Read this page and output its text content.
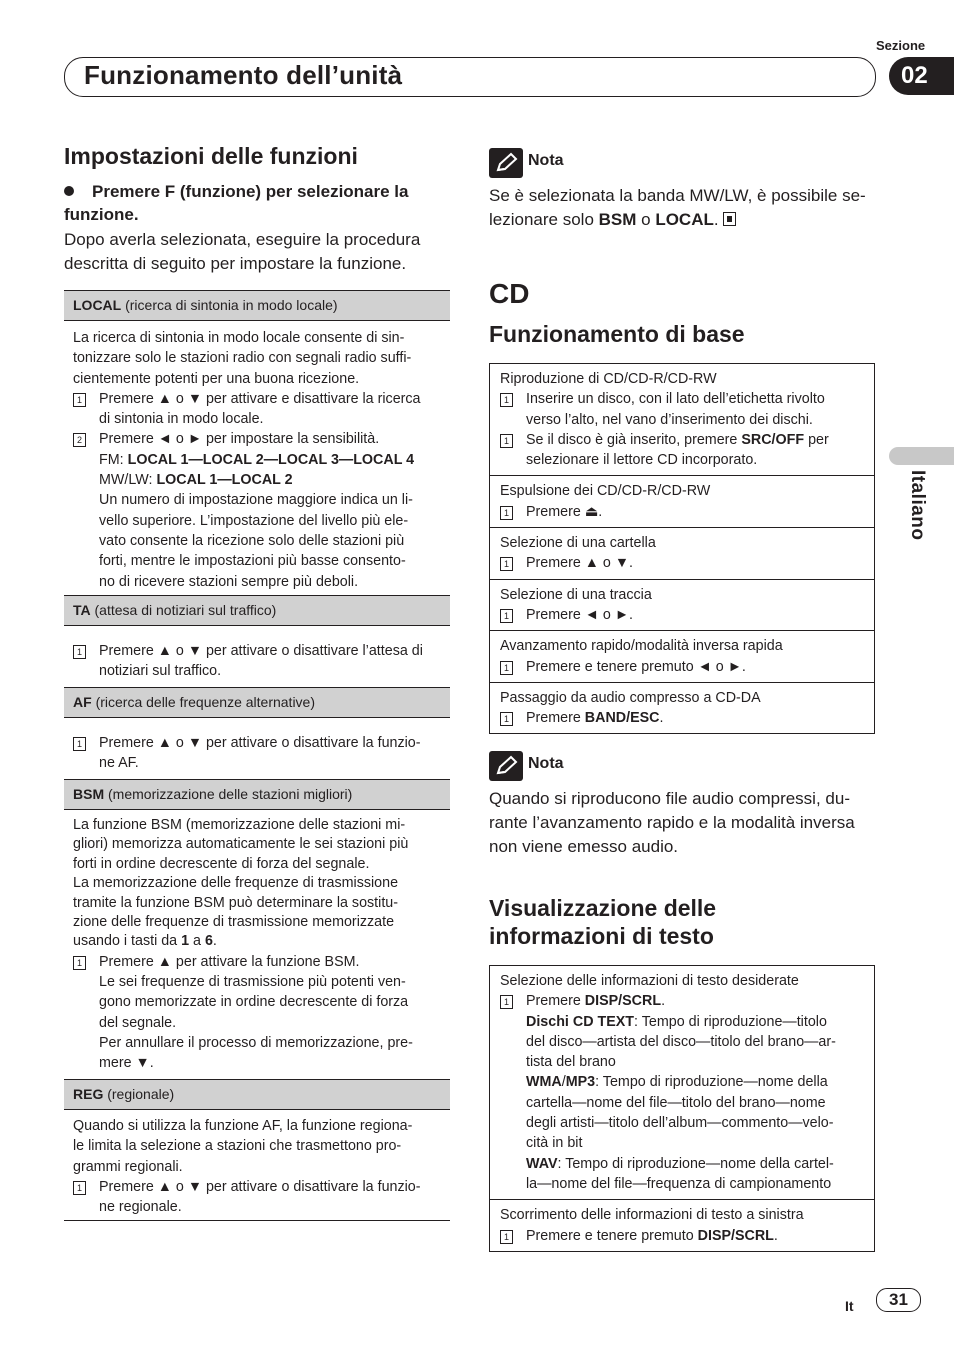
Sezione
Funzionamento dell’unità	02
Italiano
Impostazioni delle funzioni
Premere F (funzione) per selezionare la funzione.
Dopo averla selezionata, eseguire la procedura descritta di seguito per impostare la funzione.
LOCAL (ricerca di sintonia in modo locale)
La ricerca di sintonia in modo locale consente di sin-
tonizzare solo le stazioni radio con segnali radio suffi-
cientemente potenti per una buona ricezione.
1 Premere ▲ o ▼ per attivare e disattivare la ricerca
di sintonia in modo locale.
2 Premere ◄ o ► per impostare la sensibilità.
FM: LOCAL 1—LOCAL 2—LOCAL 3—LOCAL 4
MW/LW: LOCAL 1—LOCAL 2
Un numero di impostazione maggiore indica un li-
vello superiore. L’impostazione del livello più ele-
vato consente la ricezione solo delle stazioni più
forti, mentre le impostazioni più basse consento-
no di ricevere stazioni sempre più deboli.
TA (attesa di notiziari sul traffico)
1 Premere ▲ o ▼ per attivare o disattivare l’attesa di
notiziari sul traffico.
AF (ricerca delle frequenze alternative)
1 Premere ▲ o ▼ per attivare o disattivare la funzio-
ne AF.
BSM (memorizzazione delle stazioni migliori)
La funzione BSM (memorizzazione delle stazioni mi-
gliori) memorizza automaticamente le sei stazioni più
forti in ordine decrescente di forza del segnale.
La memorizzazione delle frequenze di trasmissione
tramite la funzione BSM può determinare la sostitu-
zione delle frequenze di trasmissione memorizzate
usando i tasti da 1 a 6.
1 Premere ▲ per attivare la funzione BSM.
Le sei frequenze di trasmissione più potenti ven-
gono memorizzate in ordine decrescente di forza
del segnale.
Per annullare il processo di memorizzazione, pre-
mere ▼.
REG (regionale)
Quando si utilizza la funzione AF, la funzione regiona-
le limita la selezione a stazioni che trasmettono pro-
grammi regionali.
1 Premere ▲ o ▼ per attivare o disattivare la funzio-
ne regionale.
Nota
Se è selezionata la banda MW/LW, è possibile se-
lezionare solo BSM o LOCAL.
CD
Funzionamento di base
Riproduzione di CD/CD-R/CD-RW
1 Inserire un disco, con il lato dell’etichetta rivolto
verso l’alto, nel vano d’inserimento dei dischi.
1 Se il disco è già inserito, premere SRC/OFF per
selezionare il lettore CD incorporato.
Espulsione dei CD/CD-R/CD-RW
1 Premere ⏏.
Selezione di una cartella
1 Premere ▲ o ▼.
Selezione di una traccia
1 Premere ◄ o ►.
Avanzamento rapido/modalità inversa rapida
1 Premere e tenere premuto ◄ o ►.
Passaggio da audio compresso a CD-DA
1 Premere BAND/ESC.
Nota
Quando si riproducono file audio compressi, du-
rante l’avanzamento rapido e la modalità inversa
non viene emesso audio.
Visualizzazione delle
informazioni di testo
Selezione delle informazioni di testo desiderate
1 Premere DISP/SCRL.
Dischi CD TEXT: Tempo di riproduzione—titolo
del disco—artista del disco—titolo del brano—ar-
tista del brano
WMA/MP3: Tempo di riproduzione—nome della
cartella—nome del file—titolo del brano—nome
degli artisti—titolo dell’album—commento—velo-
cità in bit
WAV: Tempo di riproduzione—nome della cartel-
la—nome del file—frequenza di campionamento
Scorrimento delle informazioni di testo a sinistra
1 Premere e tenere premuto DISP/SCRL.
It	31
